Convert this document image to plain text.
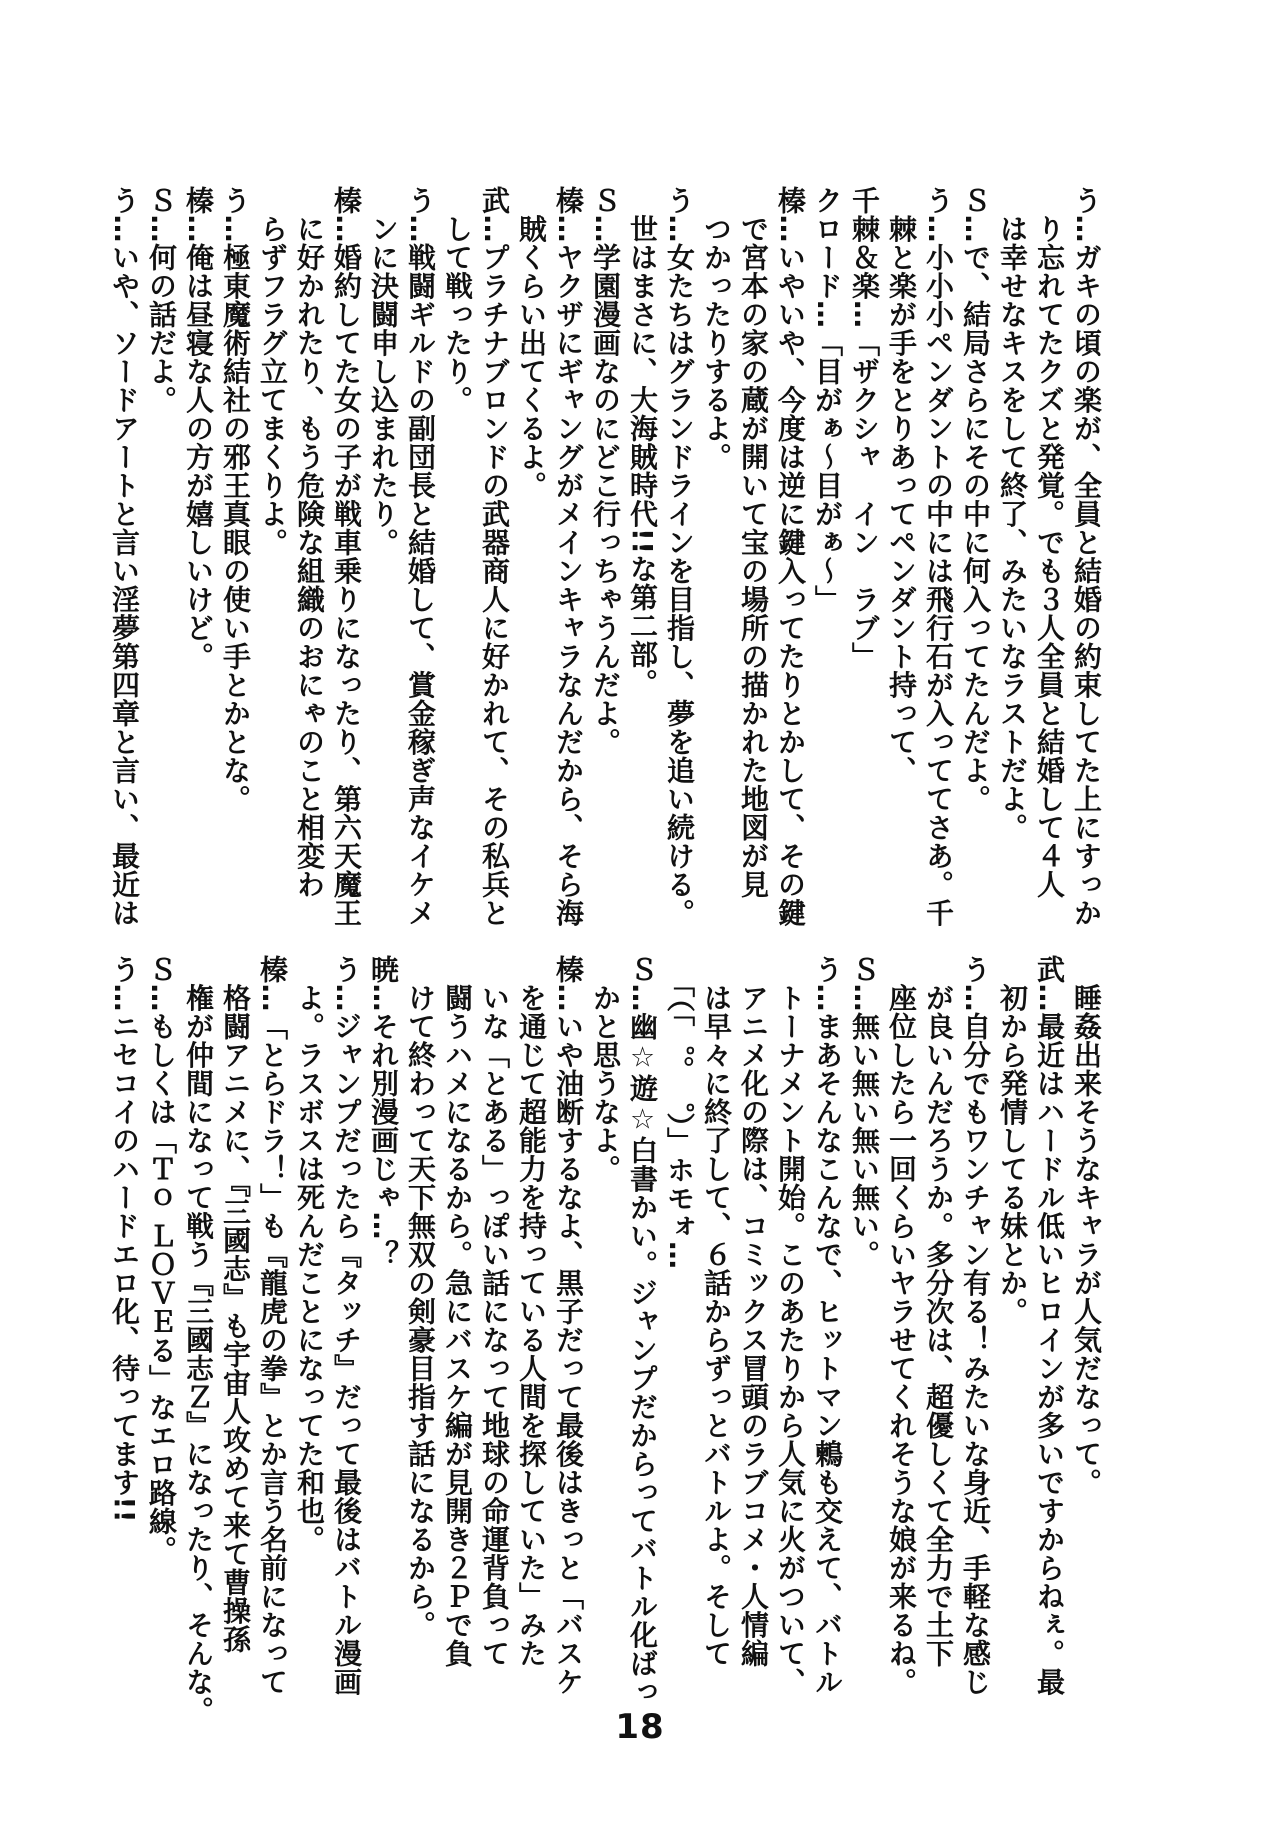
う…ガキの頃の楽が、全員と結婚の約束してた上にすっか
　り忘れてたクズと発覚。でも３人全員と結婚して４人
　は幸せなキスをして終了、みたいなラストだよ。
Ｓ…で、結局さらにその中に何入ってたんだよ。
う…小小小ペンダントの中には飛行石が入っててさあ。千
　棘と楽が手をとりあってペンダント持って、
千棘＆楽…「ザクシャ　イン　ラブ」
クロード…「目がぁ～目がぁ～」
榛…いやいや、今度は逆に鍵入ってたりとかして、その鍵
　で宮本の家の蔵が開いて宝の場所の描かれた地図が見
　つかったりするよ。
う…女たちはグランドラインを目指し、夢を追い続ける。
　世はまさに、大海賊時代!!な第二部。
Ｓ…学園漫画なのにどこ行っちゃうんだよ。
榛…ヤクザにギャングがメインキャラなんだから、そら海
　賊くらい出てくるよ。
武…プラチナブロンドの武器商人に好かれて、その私兵と
　して戦ったり。
う…戦闘ギルドの副団長と結婚して、賞金稼ぎ声なイケメ
　ンに決闘申し込まれたり。
榛…婚約してた女の子が戦車乗りになったり、第六天魔王
　に好かれたり、もう危険な組織のおにゃのこと相変わ
　らずフラグ立てまくりよ。
う…極東魔術結社の邪王真眼の使い手とかとな。
榛…俺は昼寝な人の方が嬉しいけど。
Ｓ…何の話だよ。
う…いや、ソードアートと言い淫夢第四章と言い、最近は
　睡姦出来そうなキャラが人気だなって。
武…最近はハードル低いヒロインが多いですからねぇ。最
　初から発情してる妹とか。
う…自分でもワンチャン有る！みたいな身近、手軽な感じ
　が良いんだろうか。多分次は、超優しくて全力で土下
　座位したら一回くらいヤラせてくれそうな娘が来るね。
Ｓ…無い無い無い無い。
う…まあそんなこんなで、ヒットマン鶫も交えて、バトル
　トーナメント開始。このあたりから人気に火がついて、
　アニメ化の際は、コミックス冒頭のラブコメ・人情編
　は早々に終了して、６話からずっとバトルよ。そして
　「（「゜。゜）」ホモォ…
Ｓ…幽☆遊☆白書かい。ジャンプだからってバトル化ばっ
　かと思うなよ。
榛…いや油断するなよ、黒子だって最後はきっと「バスケ
　を通じて超能力を持っている人間を探していた」みた
　いな「とある」っぽい話になって地球の命運背負って
　闘うハメになるから。急にバスケ編が見開き２Ｐで負
　けて終わって天下無双の剣豪目指す話になるから。
暁…それ別漫画じゃ…？
う…ジャンプだったら『タッチ』だって最後はバトル漫画
　よ。ラスボスは死んだことになってた和也。
榛…「とらドラ！」も『龍虎の拳』とか言う名前になって
　格闘アニメに、『三國志』も宇宙人攻めて来て曹操孫
　権が仲間になって戦う『三國志Ｚ』になったり、そんな。
Ｓ…もしくは「Ｔｏ ＬＯＶＥる」なエロ路線。
う…ニセコイのハードエロ化、待ってます!!
18
